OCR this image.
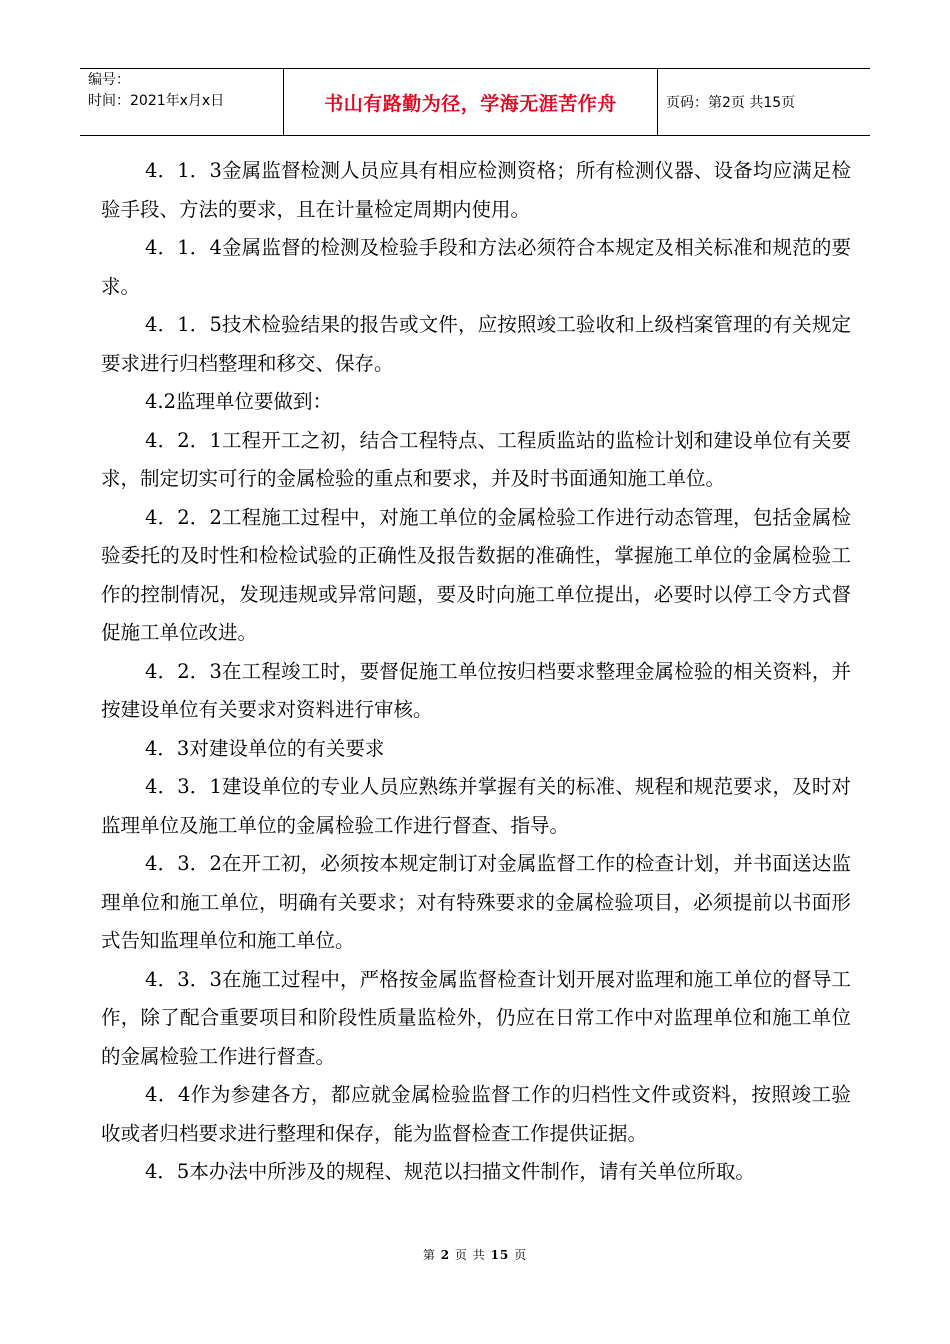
编号：
时间：2021年x月x日	书山有路勤为径，学海无涯苦作舟	页码：第2页 共15页

4．1．3金属监督检测人员应具有相应检测资格；所有检测仪器、设备均应满足检验手段、方法的要求，且在计量检定周期内使用。

4．1．4金属监督的检测及检验手段和方法必须符合本规定及相关标准和规范的要求。

4．1．5技术检验结果的报告或文件，应按照竣工验收和上级档案管理的有关规定要求进行归档整理和移交、保存。

4.2监理单位要做到：

4．2．1工程开工之初，结合工程特点、工程质监站的监检计划和建设单位有关要求，制定切实可行的金属检验的重点和要求，并及时书面通知施工单位。

4．2．2工程施工过程中，对施工单位的金属检验工作进行动态管理，包括金属检验委托的及时性和检检试验的正确性及报告数据的准确性，掌握施工单位的金属检验工作的控制情况，发现违规或异常问题，要及时向施工单位提出，必要时以停工令方式督促施工单位改进。

4．2．3在工程竣工时，要督促施工单位按归档要求整理金属检验的相关资料，并按建设单位有关要求对资料进行审核。

4．3对建设单位的有关要求

4．3．1建设单位的专业人员应熟练并掌握有关的标准、规程和规范要求，及时对监理单位及施工单位的金属检验工作进行督查、指导。

4．3．2在开工初，必须按本规定制订对金属监督工作的检查计划，并书面送达监理单位和施工单位，明确有关要求；对有特殊要求的金属检验项目，必须提前以书面形式告知监理单位和施工单位。

4．3．3在施工过程中，严格按金属监督检查计划开展对监理和施工单位的督导工作，除了配合重要项目和阶段性质量监检外，仍应在日常工作中对监理单位和施工单位的金属检验工作进行督查。

4．4作为参建各方，都应就金属检验监督工作的归档性文件或资料，按照竣工验收或者归档要求进行整理和保存，能为监督检查工作提供证据。

4．5本办法中所涉及的规程、规范以扫描文件制作，请有关单位所取。

第 2 页 共 15 页
